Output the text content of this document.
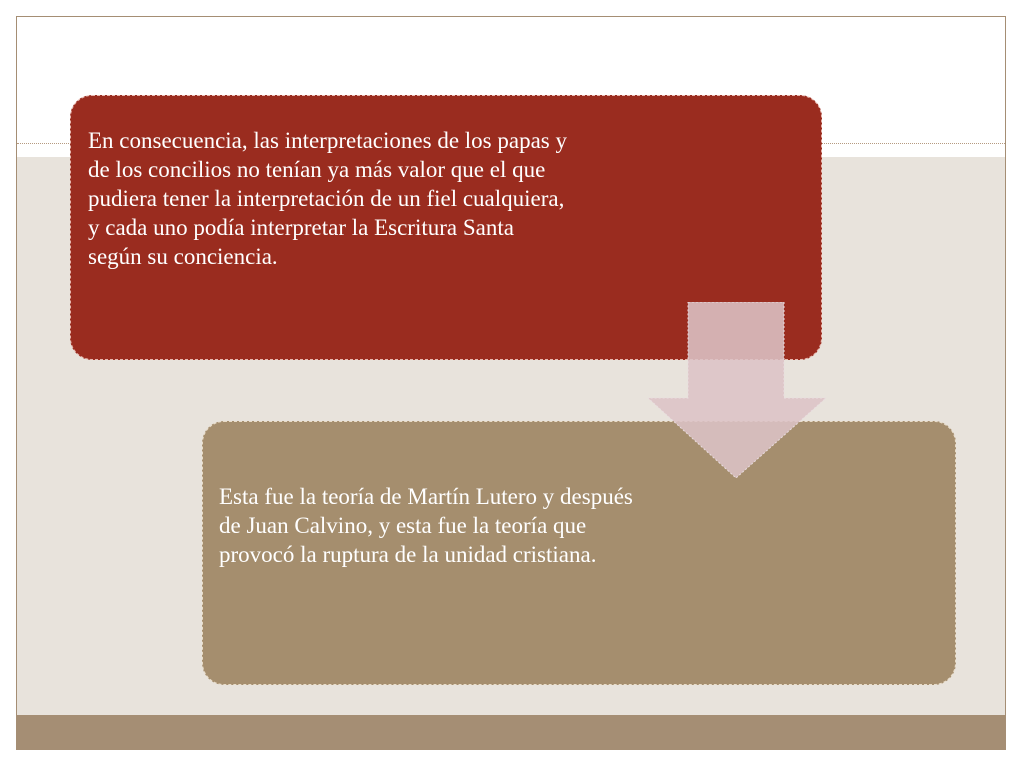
En consecuencia, las interpretaciones de los papas y de los concilios no tenían ya más valor que el que pudiera tener la interpretación de un fiel cualquiera, y cada uno podía interpretar la Escritura Santa según su conciencia.
Esta fue la teoría de Martín Lutero y después de Juan Calvino, y esta fue la teoría que provocó la ruptura de la unidad cristiana.
